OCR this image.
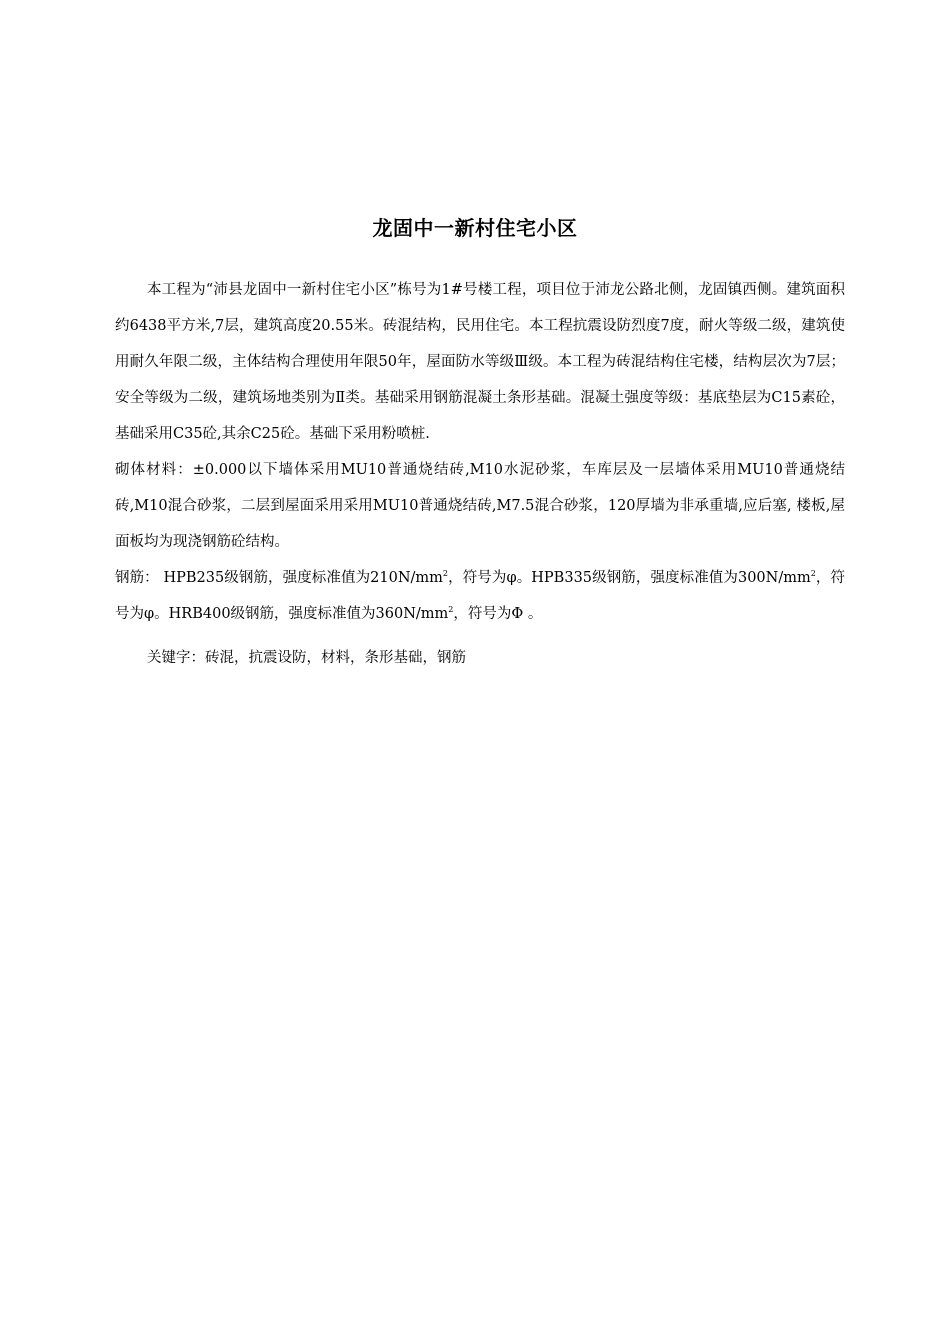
龙固中一新村住宅小区

本工程为“沛县龙固中一新村住宅小区”栋号为1#号楼工程，项目位于沛龙公路北侧，龙固镇西侧。建筑面积约6438平方米,7层，建筑高度20.55米。砖混结构，民用住宅。本工程抗震设防烈度7度，耐火等级二级，建筑使用耐久年限二级，主体结构合理使用年限50年，屋面防水等级Ⅲ级。本工程为砖混结构住宅楼，结构层次为7层；安全等级为二级，建筑场地类别为Ⅱ类。基础采用钢筋混凝土条形基础。混凝土强度等级：基底垫层为C15素砼，基础采用C35砼,其余C25砼。基础下采用粉喷桩.

砌体材料：±0.000以下墙体采用MU10普通烧结砖,M10水泥砂浆，车库层及一层墙体采用MU10普通烧结砖,M10混合砂浆，二层到屋面采用采用MU10普通烧结砖,M7.5混合砂浆，120厚墙为非承重墙,应后塞, 楼板,屋面板均为现浇钢筋砼结构。

钢筋： HPB235级钢筋，强度标准值为$210N/mm^2$，符号为φ。HPB335级钢筋，强度标准值为$300N/mm^2$，符号为φ。HRB400级钢筋，强度标准值为$360N/mm^2$，符号为Φ 。

关键字：砖混，抗震设防，材料，条形基础，钢筋
